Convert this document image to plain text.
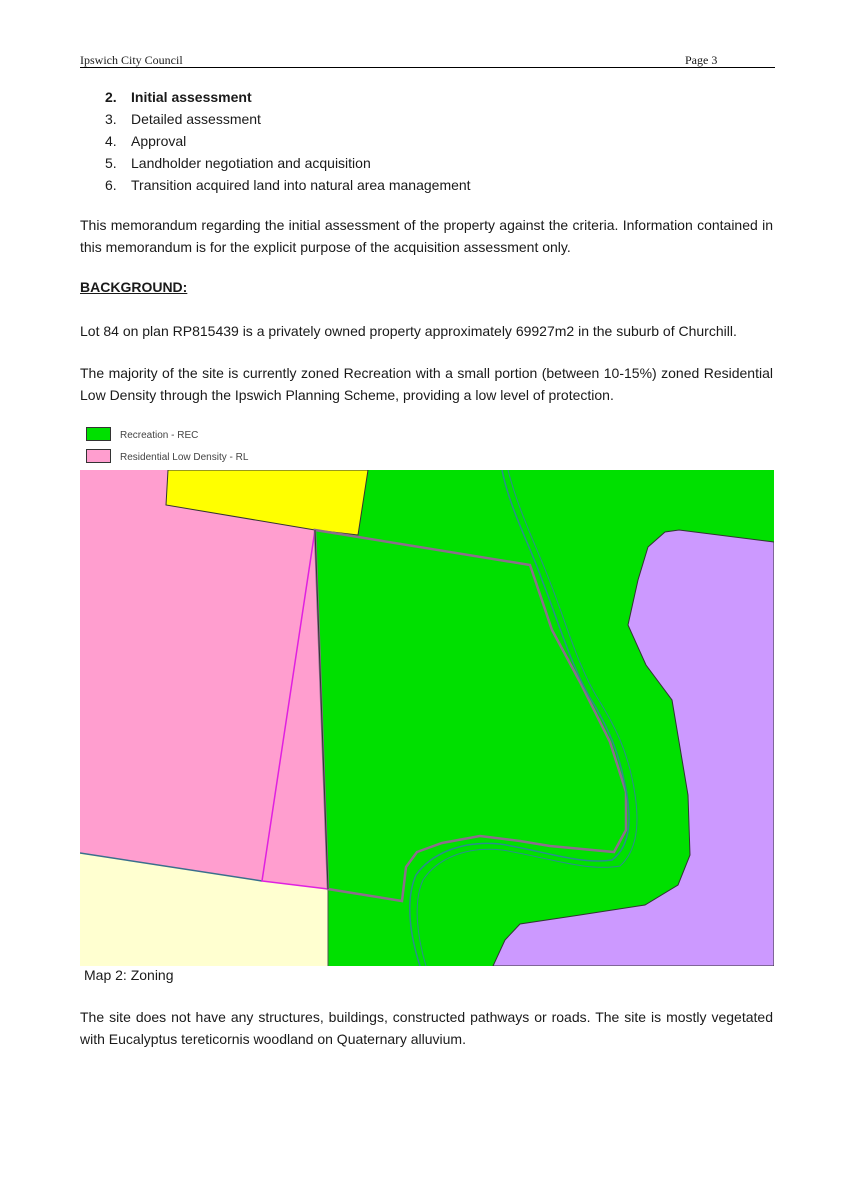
Ipswich City Council	Page 3
2. Initial assessment
3. Detailed assessment
4. Approval
5. Landholder negotiation and acquisition
6. Transition acquired land into natural area management

This memorandum regarding the initial assessment of the property against the criteria. Information contained in this memorandum is for the explicit purpose of the acquisition assessment only.

BACKGROUND:

Lot 84 on plan RP815439 is a privately owned property approximately 69927m2 in the suburb of Churchill.

The majority of the site is currently zoned Recreation with a small portion (between 10-15%) zoned Residential Low Density through the Ipswich Planning Scheme, providing a low level of protection.

Recreation - REC
Residential Low Density - RL
Map 2: Zoning

The site does not have any structures, buildings, constructed pathways or roads. The site is mostly vegetated with Eucalyptus tereticornis woodland on Quaternary alluvium.
